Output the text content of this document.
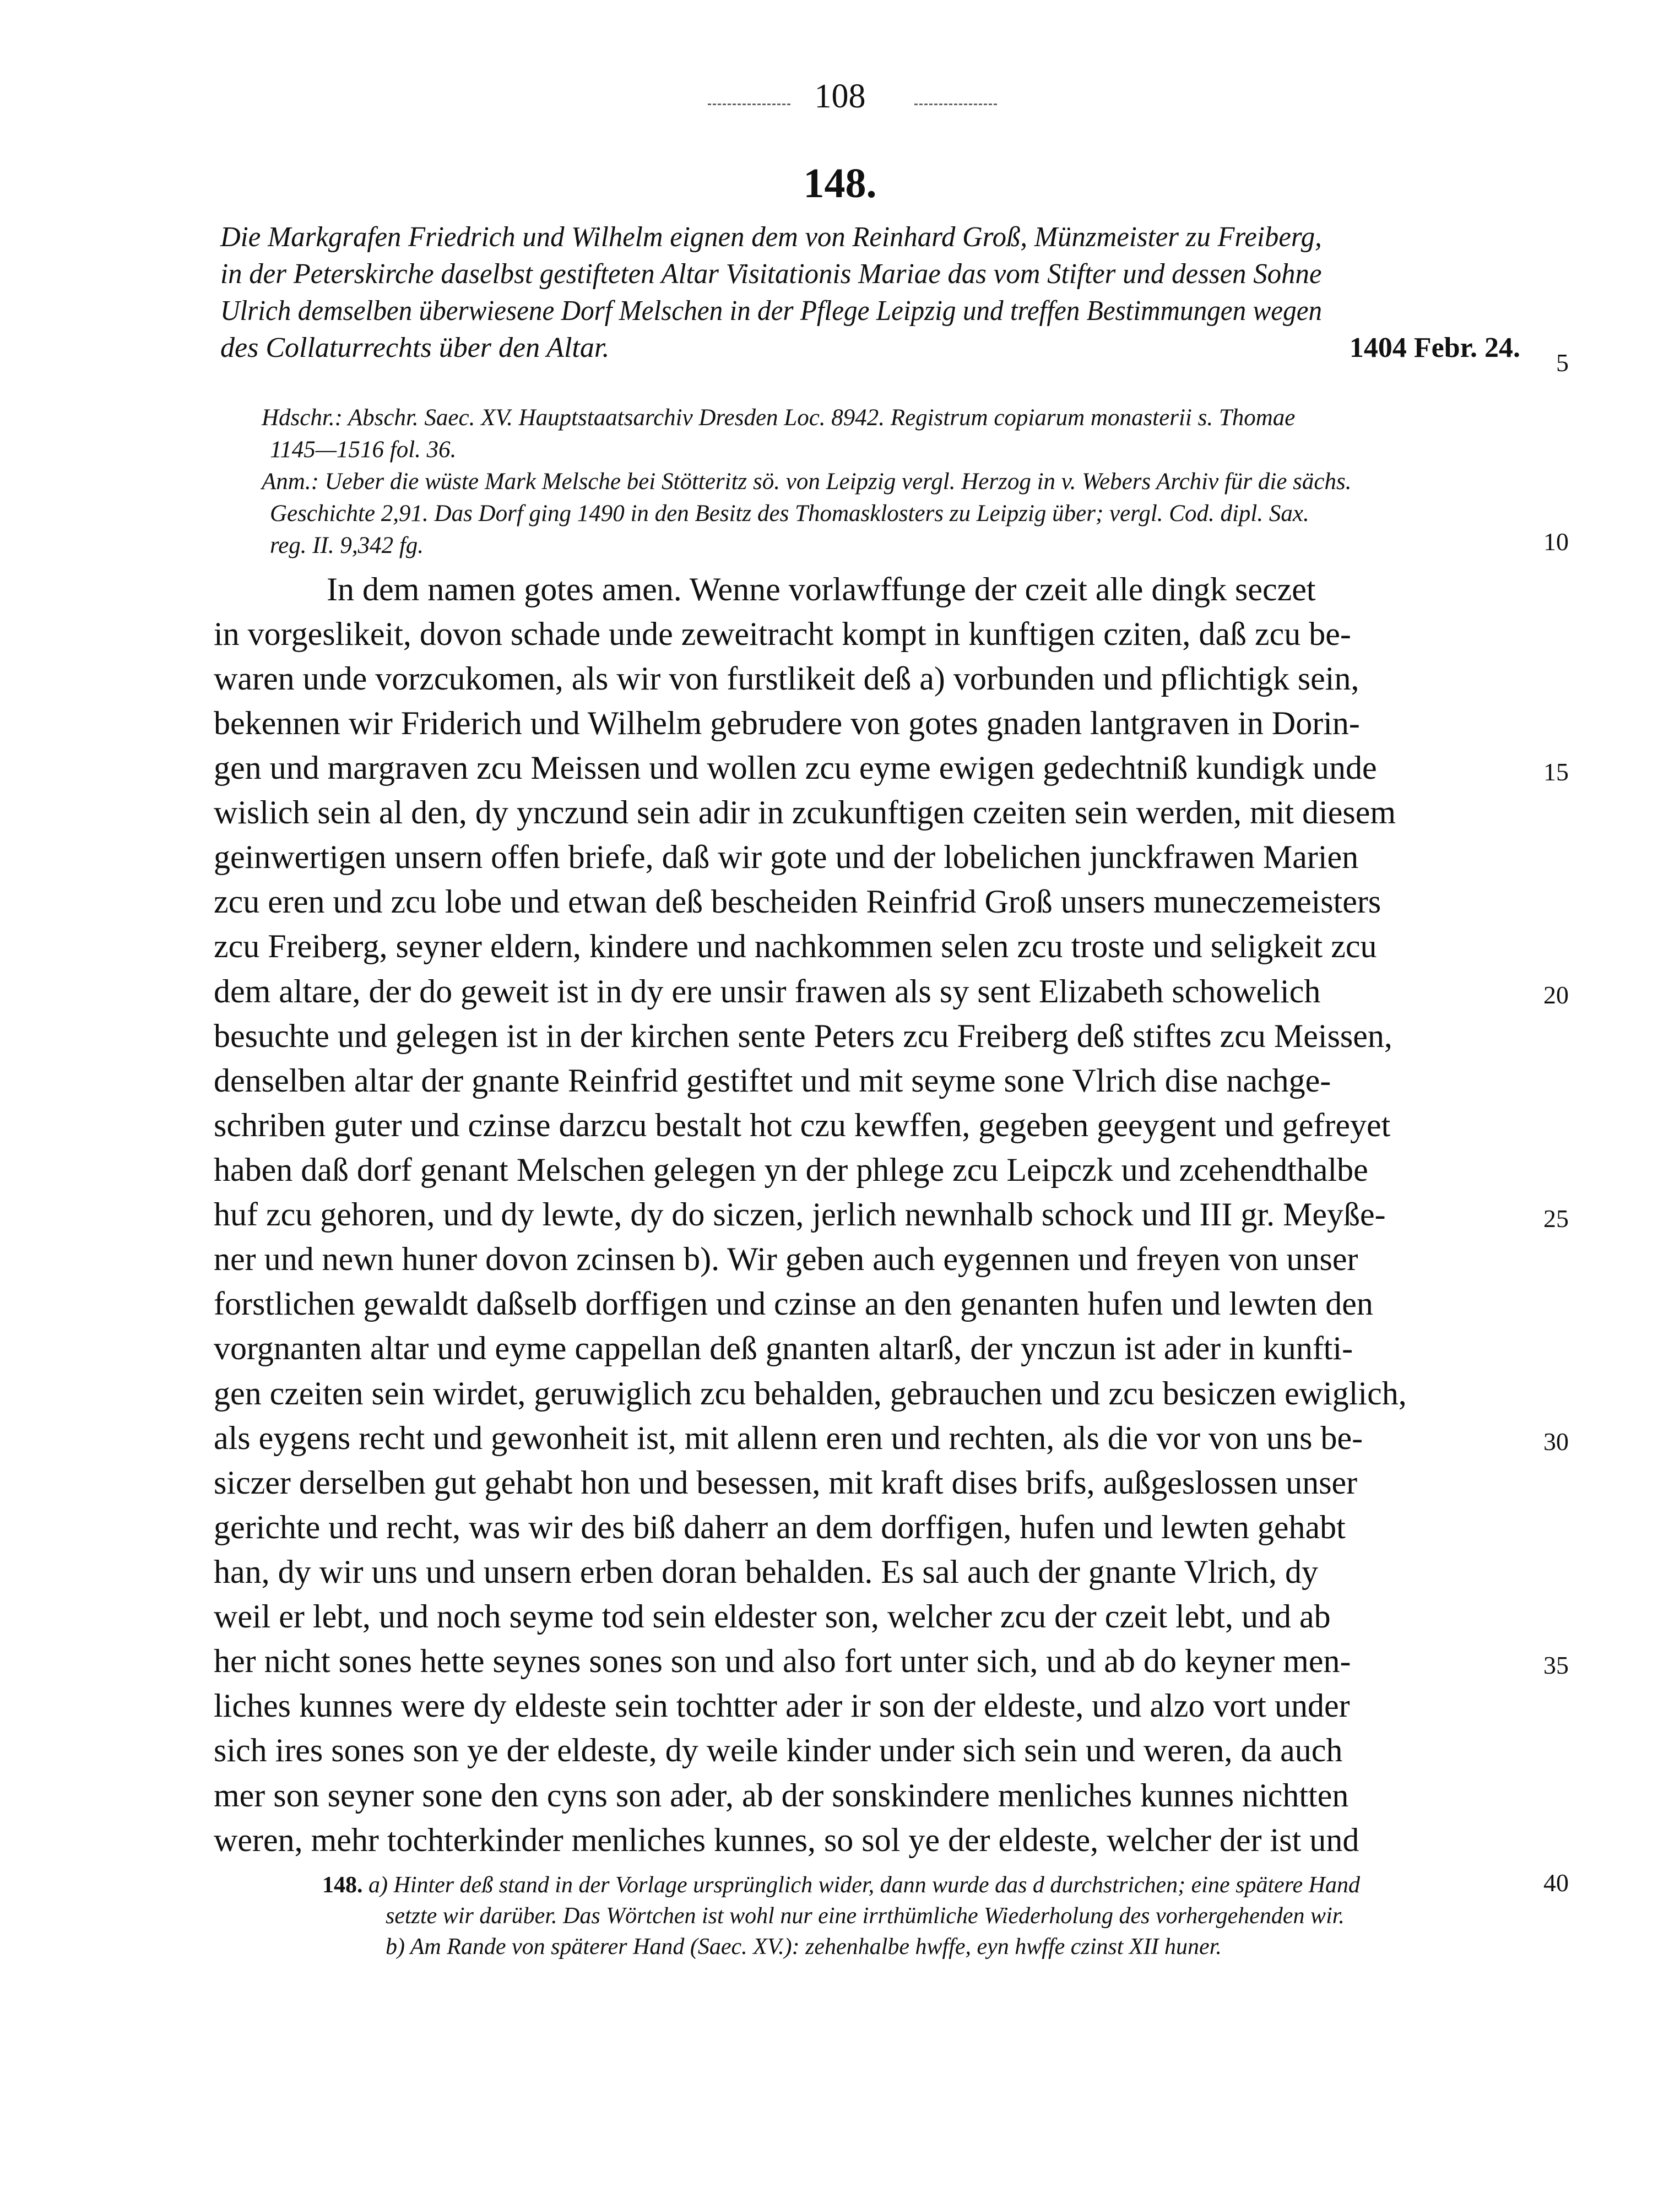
108
148.
Die Markgrafen Friedrich und Wilhelm eignen dem von Reinhard Groß, Münzmeister zu Freiberg,
in der Peterskirche daselbst gestifteten Altar Visitationis Mariae das vom Stifter und dessen Sohne
Ulrich demselben überwiesene Dorf Melschen in der Pflege Leipzig und treffen Bestimmungen wegen
des Collaturrechts über den Altar.	1404 Febr. 24.
Hdschr.: Abschr. Saec. XV. Hauptstaatsarchiv Dresden Loc. 8942. Registrum copiarum monasterii s. Thomae
1145—1516 fol. 36.
Anm.: Ueber die wüste Mark Melsche bei Stötteritz sö. von Leipzig vergl. Herzog in v. Webers Archiv für die sächs.
Geschichte 2,91. Das Dorf ging 1490 in den Besitz des Thomasklosters zu Leipzig über; vergl. Cod. dipl. Sax.
reg. II. 9,342 fg.
5
10
15
20
25
30
35
40
In dem namen gotes amen. Wenne vorlawffunge der czeit alle dingk seczet
in vorgeslikeit, dovon schade unde zeweitracht kompt in kunftigen cziten, daß zcu be-
waren unde vorzcukomen, als wir von furstlikeit deß a) vorbunden und pflichtigk sein,
bekennen wir Friderich und Wilhelm gebrudere von gotes gnaden lantgraven in Dorin-
gen und margraven zcu Meissen und wollen zcu eyme ewigen gedechtniß kundigk unde
wislich sein al den, dy ynczund sein adir in zcukunftigen czeiten sein werden, mit diesem
geinwertigen unsern offen briefe, daß wir gote und der lobelichen junckfrawen Marien
zcu eren und zcu lobe und etwan deß bescheiden Reinfrid Groß unsers muneczemeisters
zcu Freiberg, seyner eldern, kindere und nachkommen selen zcu troste und seligkeit zcu
dem altare, der do geweit ist in dy ere unsir frawen als sy sent Elizabeth schowelich
besuchte und gelegen ist in der kirchen sente Peters zcu Freiberg deß stiftes zcu Meissen,
denselben altar der gnante Reinfrid gestiftet und mit seyme sone Vlrich dise nachge-
schriben guter und czinse darzcu bestalt hot czu kewffen, gegeben geeygent und gefreyet
haben daß dorf genant Melschen gelegen yn der phlege zcu Leipczk und zcehendthalbe
huf zcu gehoren, und dy lewte, dy do siczen, jerlich newnhalb schock und III gr. Meyße-
ner und newn huner dovon zcinsen b). Wir geben auch eygennen und freyen von unser
forstlichen gewaldt daßselb dorffigen und czinse an den genanten hufen und lewten den
vorgnanten altar und eyme cappellan deß gnanten altarß, der ynczun ist ader in kunfti-
gen czeiten sein wirdet, geruwiglich zcu behalden, gebrauchen und zcu besiczen ewiglich,
als eygens recht und gewonheit ist, mit allenn eren und rechten, als die vor von uns be-
siczer derselben gut gehabt hon und besessen, mit kraft dises brifs, außgeslossen unser
gerichte und recht, was wir des biß daherr an dem dorffigen, hufen und lewten gehabt
han, dy wir uns und unsern erben doran behalden. Es sal auch der gnante Vlrich, dy
weil er lebt, und noch seyme tod sein eldester son, welcher zcu der czeit lebt, und ab
her nicht sones hette seynes sones son und also fort unter sich, und ab do keyner men-
liches kunnes were dy eldeste sein tochtter ader ir son der eldeste, und alzo vort under
sich ires sones son ye der eldeste, dy weile kinder under sich sein und weren, da auch
mer son seyner sone den cyns son ader, ab der sonskindere menliches kunnes nichtten
weren, mehr tochterkinder menliches kunnes, so sol ye der eldeste, welcher der ist und
148. a) Hinter deß stand in der Vorlage ursprünglich wider, dann wurde das d durchstrichen; eine spätere Hand
setzte wir darüber. Das Wörtchen ist wohl nur eine irrthümliche Wiederholung des vorhergehenden wir.
b) Am Rande von späterer Hand (Saec. XV.): zehenhalbe hwffe, eyn hwffe czinst XII huner.
